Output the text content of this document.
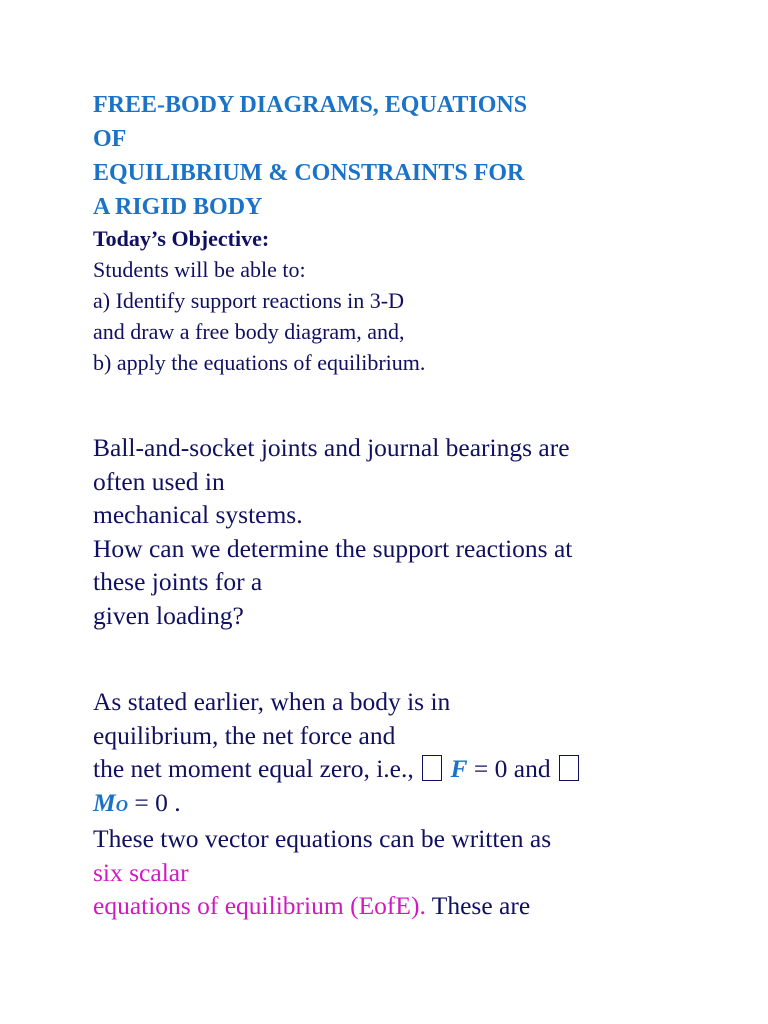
FREE-BODY DIAGRAMS, EQUATIONS
OF
EQUILIBRIUM & CONSTRAINTS FOR
A RIGID BODY

Today’s Objective:

Students will be able to:
a) Identify support reactions in 3-D
and draw a free body diagram, and,
b) apply the equations of equilibrium.

Ball-and-socket joints and journal bearings are
often used in
mechanical systems.
How can we determine the support reactions at
these joints for a
given loading?

As stated earlier, when a body is in
equilibrium, the net force and
the net moment equal zero, i.e.,  F = 0 and
MO = 0 .
These two vector equations can be written as
six scalar
equations of equilibrium (EofE). These are
